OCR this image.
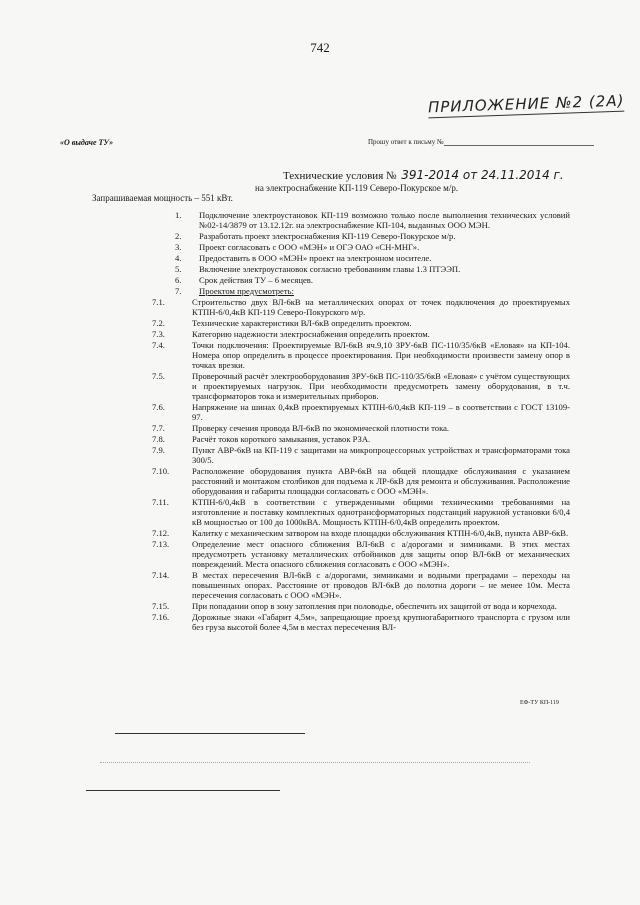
742
ПРИЛОЖЕНИЕ №2 (2А)
«О выдаче ТУ»	Прошу ответ к письму №
Технические условия № 391-2014 от 24.11.2014 г.
на электроснабжение КП-119 Северо-Покурское м/р.
Запрашиваемая мощность – 551 кВт.
1. Подключение электроустановок КП-119 возможно только после выполнения технических условий №02-14/3879 от 13.12.12г. на электроснабжение КП-104, выданных ООО МЭН.
2. Разработать проект электроснабжения КП-119 Северо-Покурское м/р.
3. Проект согласовать с ООО «МЭН» и ОГЭ ОАО «СН-МНГ».
4. Предоставить в ООО «МЭН» проект на электронном носителе.
5. Включение электроустановок согласно требованиям главы 1.3 ПТЭЭП.
6. Срок действия ТУ – 6 месяцев.
7. Проектом предусмотреть:
7.1.	Строительство двух ВЛ-6кВ на металлических опорах от точек подключения до проектируемых КТПН-6/0,4кВ КП-119 Северо-Покурского м/р.
7.2.	Технические характеристики ВЛ-6кВ определить проектом.
7.3.	Категорию надежности электроснабжения определить проектом.
7.4.	Точки подключения: Проектируемые ВЛ-6кВ яч.9,10 ЗРУ-6кВ ПС-110/35/6кВ «Еловая» на КП-104. Номера опор определить в процессе проектирования. При необходимости произвести замену опор в точках врезки.
7.5.	Проверочный расчёт электрооборудования ЗРУ-6кВ ПС-110/35/6кВ «Еловая» с учётом существующих и проектируемых нагрузок. При необходимости предусмотреть замену оборудования, в т.ч. трансформаторов тока и измерительных приборов.
7.6.	Напряжение на шинах 0,4кВ проектируемых КТПН-6/0,4кВ КП-119 – в соответствии с ГОСТ 13109-97.
7.7.	Проверку сечения провода ВЛ-6кВ по экономической плотности тока.
7.8.	Расчёт токов короткого замыкания, уставок РЗА.
7.9.	Пункт АВР-6кВ на КП-119 с защитами на микропроцессорных устройствах и трансформаторами тока 300/5.
7.10.	Расположение оборудования пункта АВР-6кВ на общей площадке обслуживания с указанием расстояний и монтажом столбиков для подъема к ЛР-6кВ для ремонта и обслуживания. Расположение оборудования и габариты площадки согласовать с ООО «МЭН».
7.11.	КТПН-6/0,4кВ в соответствии с утвержденными общими техническими требованиями на изготовление и поставку комплектных однотрансформаторных подстанций наружной установки 6/0,4 кВ мощностью от 100 до 1000кВА. Мощность КТПН-6/0,4кВ определить проектом.
7.12.	Калитку с механическим затвором на входе площадки обслуживания КТПН-6/0,4кВ, пункта АВР-6кВ.
7.13.	Определение мест опасного сближения ВЛ-6кВ с а/дорогами и зимниками. В этих местах предусмотреть установку металлических отбойников для защиты опор ВЛ-6кВ от механических повреждений. Места опасного сближения согласовать с ООО «МЭН».
7.14.	В местах пересечения ВЛ-6кВ с а/дорогами, зимниками и водными преградами – переходы на повышенных опорах. Расстояние от проводов ВЛ-6кВ до полотна дороги – не менее 10м. Места пересечения согласовать с ООО «МЭН».
7.15.	При попадании опор в зону затопления при половодье, обеспечить их защитой от вода и корчехода.
7.16.	Дорожные знаки «Габарит 4,5м», запрещающие проезд крупногабаритного транспорта с грузом или без груза высотой более 4,5м в местах пересечения ВЛ-
ЕФ-ТУ КП-119
